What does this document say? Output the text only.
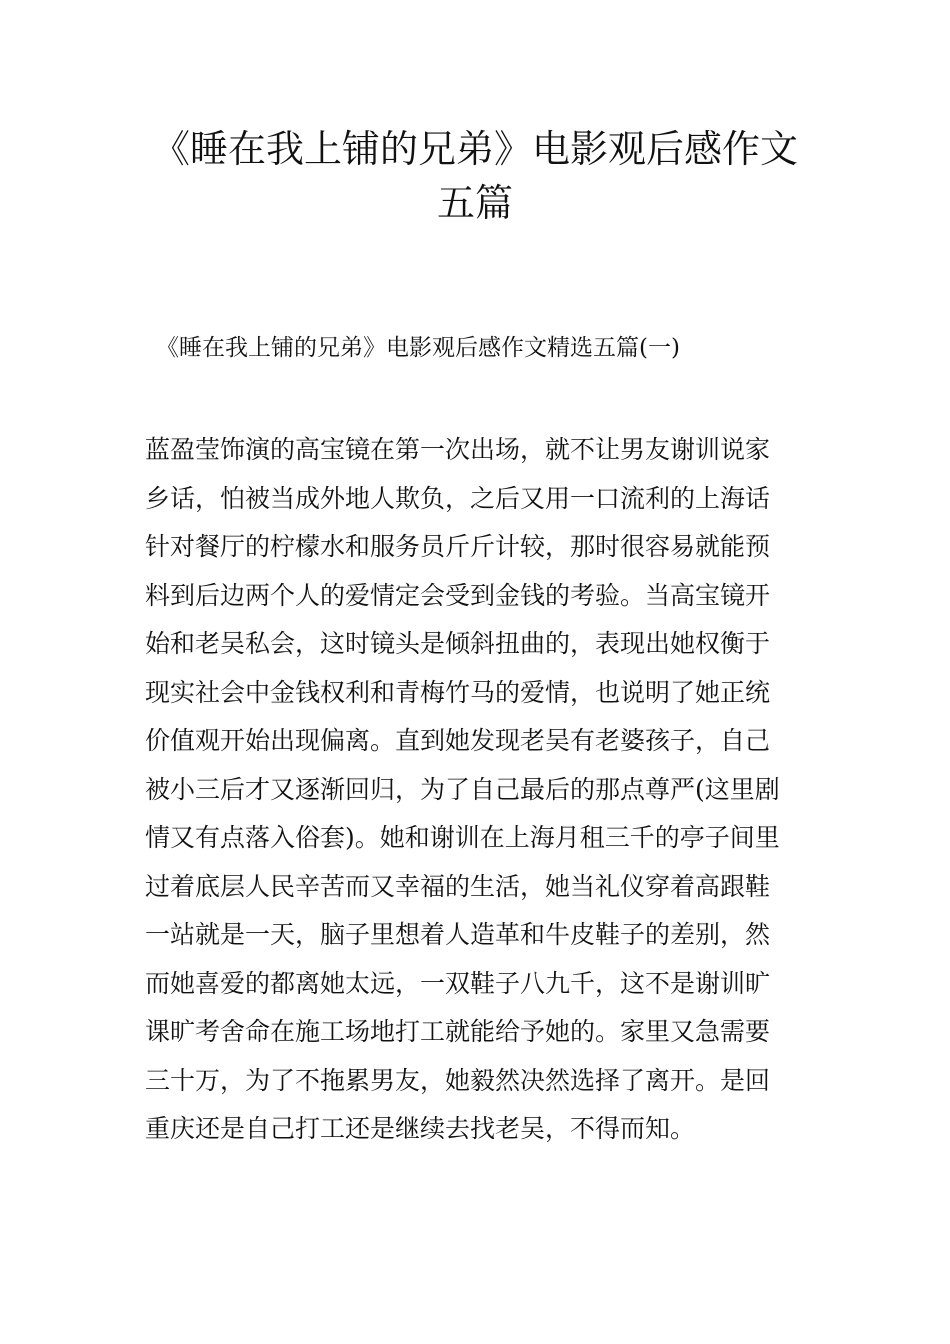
《睡在我上铺的兄弟》电影观后感作文
五篇

《睡在我上铺的兄弟》电影观后感作文精选五篇(一)

蓝盈莹饰演的高宝镜在第一次出场，就不让男友谢训说家
乡话，怕被当成外地人欺负，之后又用一口流利的上海话
针对餐厅的柠檬水和服务员斤斤计较，那时很容易就能预
料到后边两个人的爱情定会受到金钱的考验。当高宝镜开
始和老吴私会，这时镜头是倾斜扭曲的，表现出她权衡于
现实社会中金钱权利和青梅竹马的爱情，也说明了她正统
价值观开始出现偏离。直到她发现老吴有老婆孩子，自己
被小三后才又逐渐回归，为了自己最后的那点尊严(这里剧
情又有点落入俗套)。她和谢训在上海月租三千的亭子间里
过着底层人民辛苦而又幸福的生活，她当礼仪穿着高跟鞋
一站就是一天，脑子里想着人造革和牛皮鞋子的差别，然
而她喜爱的都离她太远，一双鞋子八九千，这不是谢训旷
课旷考舍命在施工场地打工就能给予她的。家里又急需要
三十万，为了不拖累男友，她毅然决然选择了离开。是回
重庆还是自己打工还是继续去找老吴，不得而知。
